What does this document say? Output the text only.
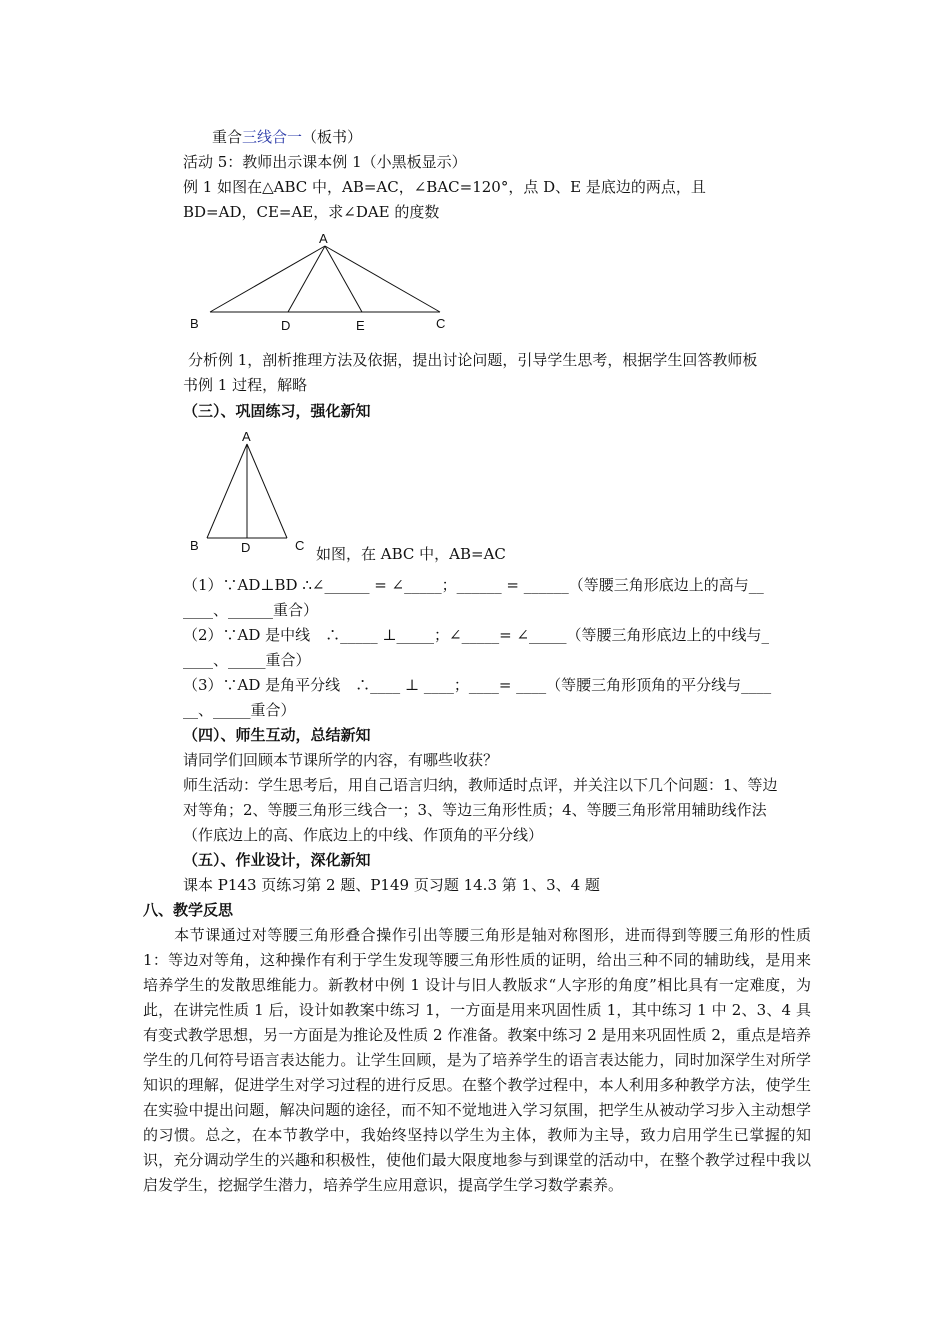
重合三线合一（板书）
活动 5：教师出示课本例 1（小黑板显示）
例 1 如图在△ABC 中，AB=AC，∠BAC=120°，点 D、E 是底边的两点，且
BD=AD，CE=AE，求∠DAE 的度数
A
B	D	E	C
分析例 1，剖析推理方法及依据，提出讨论问题，引导学生思考，根据学生回答教师板
书例 1 过程，解略
（三）、巩固练习，强化新知
A
B	D	C 如图，在 ABC 中，AB=AC
（1）∵AD⊥BD ∴∠______ = ∠_____；______ = ______（等腰三角形底边上的高与__
____、______重合）
（2）∵AD 是中线　∴_____ ⊥_____；∠_____= ∠_____（等腰三角形底边上的中线与_
____、_____重合）
（3）∵AD 是角平分线　∴____ ⊥ ____；____= ____（等腰三角形顶角的平分线与____
__、_____重合）
（四）、师生互动，总结新知
请同学们回顾本节课所学的内容，有哪些收获？
师生活动：学生思考后，用自己语言归纳，教师适时点评，并关注以下几个问题：1、等边
对等角；2、等腰三角形三线合一；3、等边三角形性质；4、等腰三角形常用辅助线作法
（作底边上的高、作底边上的中线、作顶角的平分线）
（五）、作业设计，深化新知
课本 P143 页练习第 2 题、P149 页习题 14.3 第 1、3、4 题
八、教学反思
　　本节课通过对等腰三角形叠合操作引出等腰三角形是轴对称图形，进而得到等腰三角形的性质 1：等边对等角，这种操作有利于学生发现等腰三角形性质的证明，给出三种不同的辅助线，是用来培养学生的发散思维能力。新教材中例 1 设计与旧人教版求“人字形的角度”相比具有一定难度，为此，在讲完性质 1 后，设计如教案中练习 1，一方面是用来巩固性质 1，其中练习 1 中 2、3、4 具有变式教学思想，另一方面是为推论及性质 2 作准备。教案中练习 2 是用来巩固性质 2，重点是培养学生的几何符号语言表达能力。让学生回顾，是为了培养学生的语言表达能力，同时加深学生对所学知识的理解，促进学生对学习过程的进行反思。在整个教学过程中，本人利用多种教学方法，使学生在实验中提出问题，解决问题的途径，而不知不觉地进入学习氛围，把学生从被动学习步入主动想学的习惯。总之，在本节教学中，我始终坚持以学生为主体，教师为主导，致力启用学生已掌握的知识，充分调动学生的兴趣和积极性，使他们最大限度地参与到课堂的活动中，在整个教学过程中我以启发学生，挖掘学生潜力，培养学生应用意识，提高学生学习数学素养。
